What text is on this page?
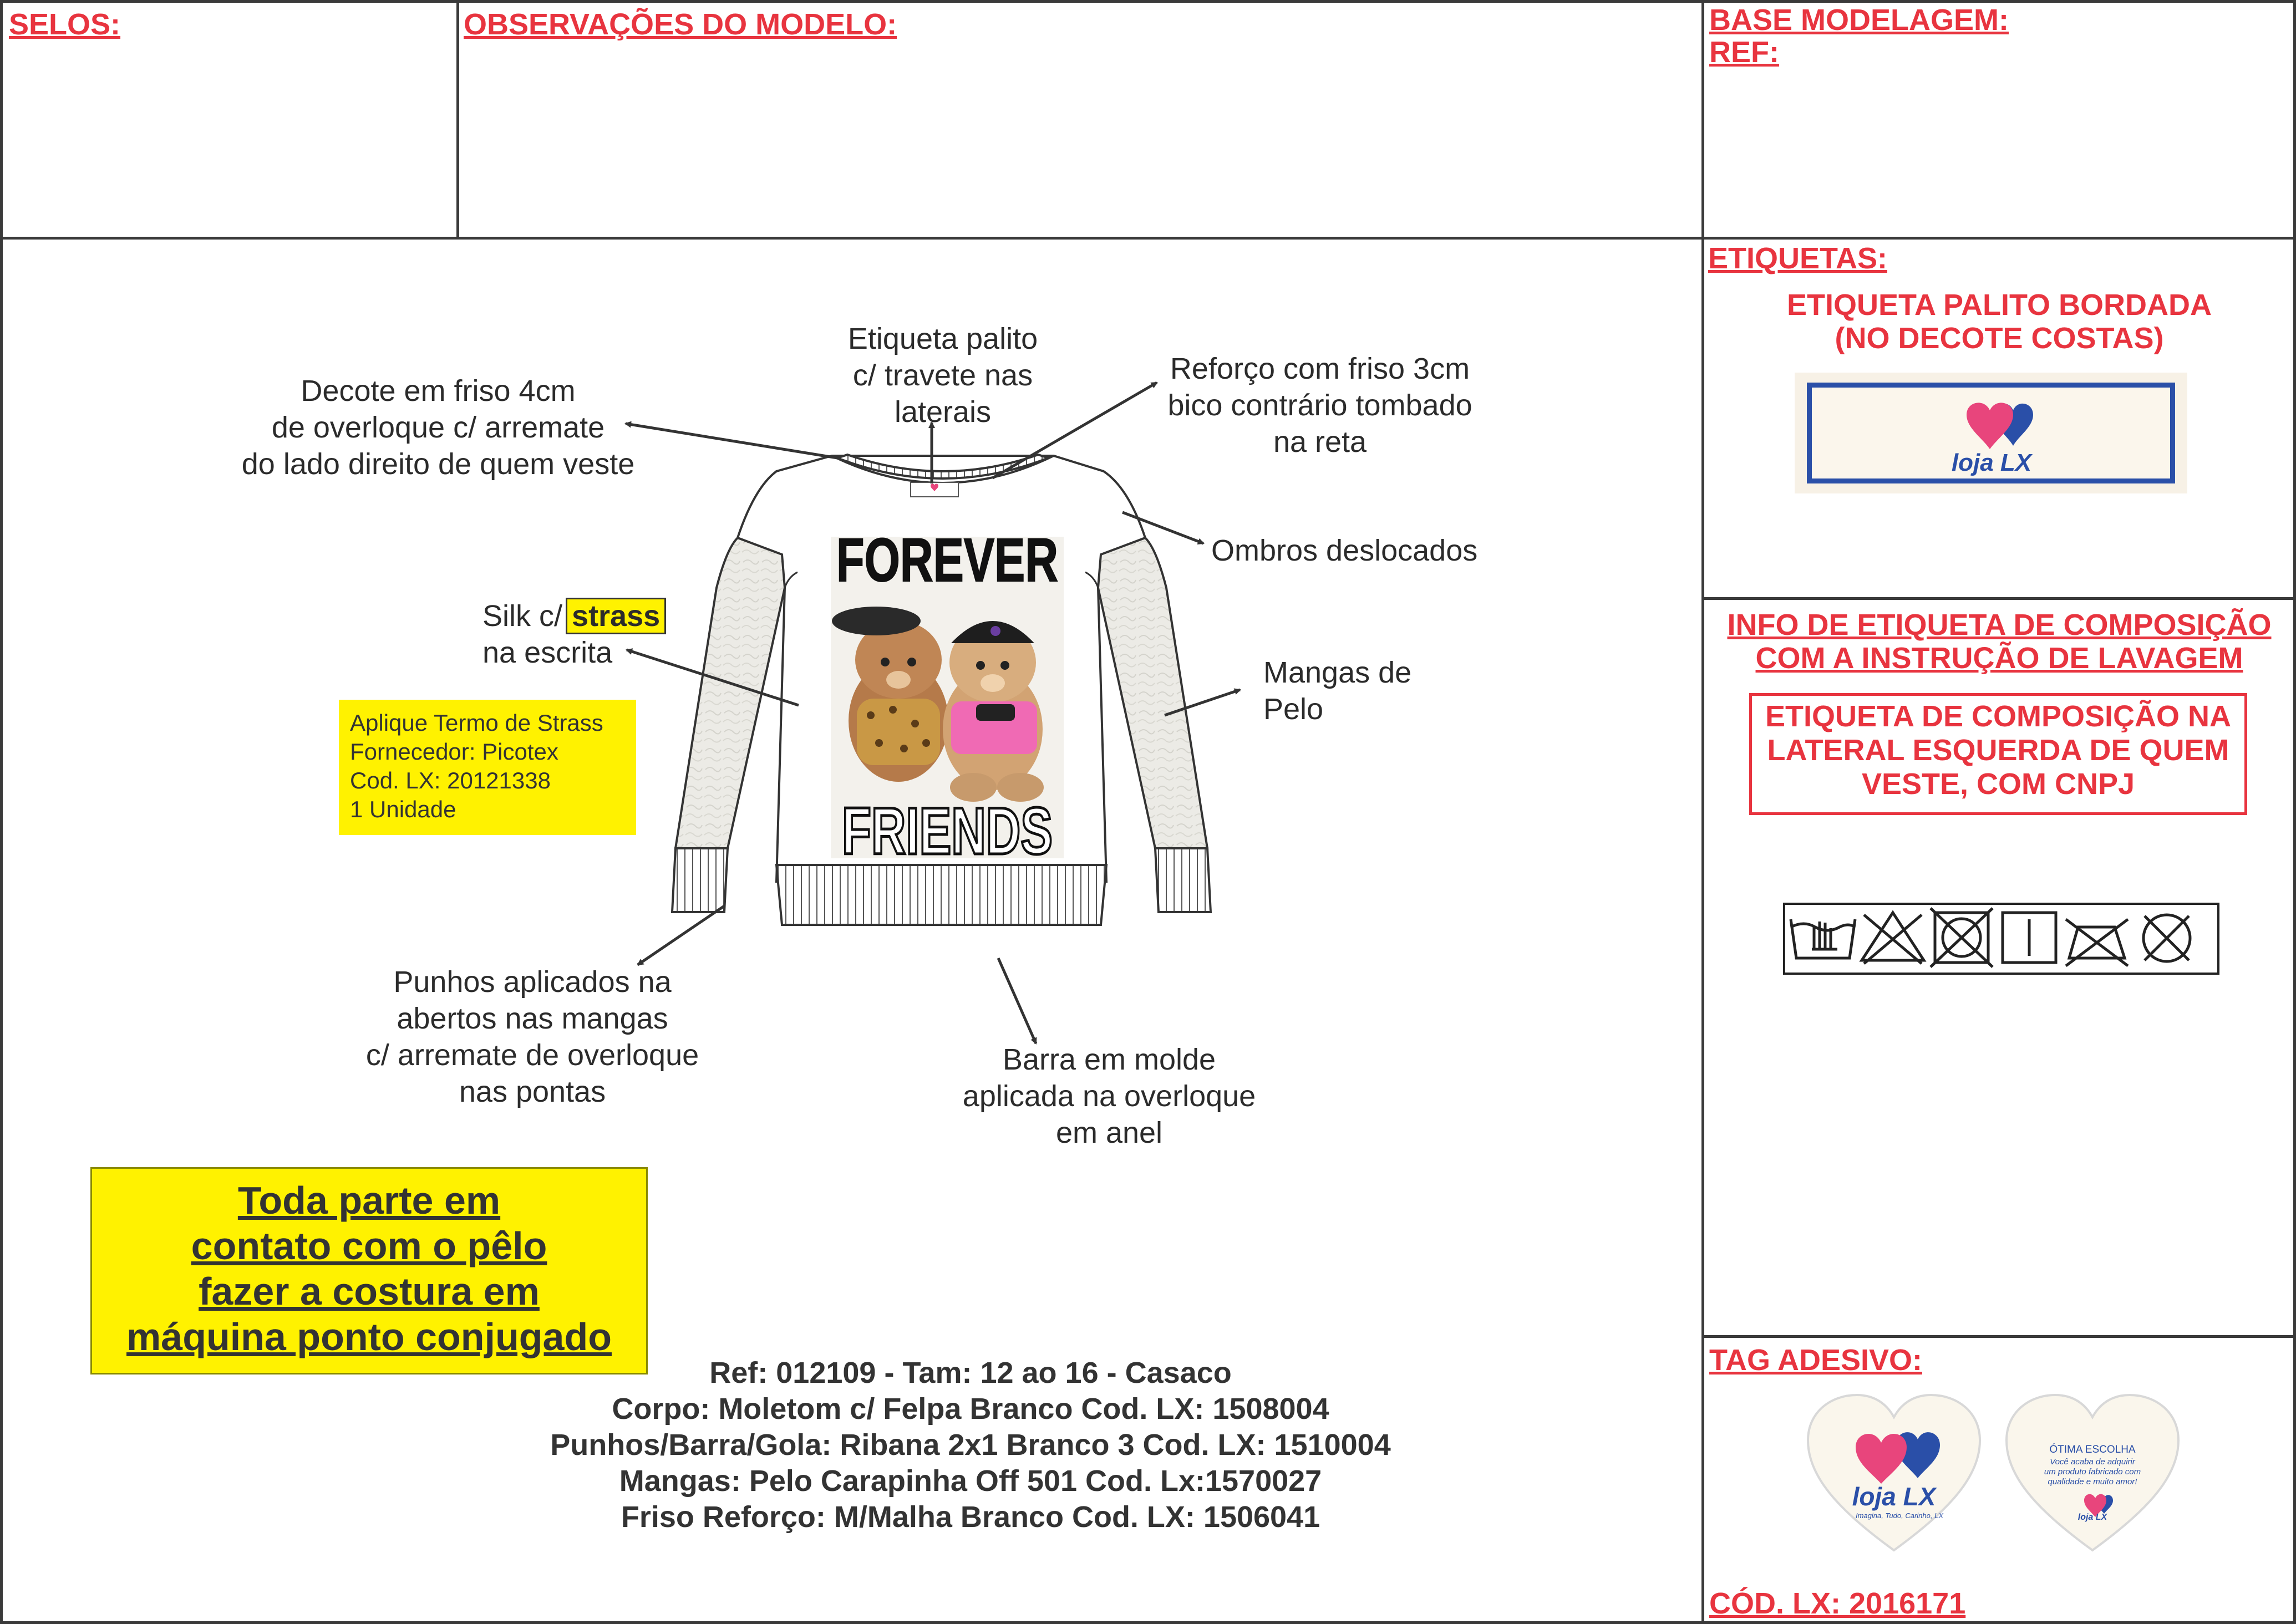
SELOS:	OBSERVAÇÕES DO MODELO:	BASE MODELAGEM:
REF:
ETIQUETAS:
ETIQUETA PALITO BORDADA
(NO DECOTE COSTAS)
loja LX
INFO DE ETIQUETA DE COMPOSIÇÃO
COM A INSTRUÇÃO DE LAVAGEM
ETIQUETA DE COMPOSIÇÃO NA
LATERAL ESQUERDA DE QUEM
VESTE, COM CNPJ
TAG ADESIVO:
loja LX
Imagina, Tudo, Carinho, LX
ÓTIMA ESCOLHA
Você acaba de adquirir
um produto fabricado com
qualidade e muito amor!
loja LX
CÓD. LX: 2016171
FOREVER
FRIENDS
Decote em friso 4cm
de overloque c/ arremate
do lado direito de quem veste
Etiqueta palito
c/ travete nas
laterais
Reforço com friso 3cm
bico contrário tombado
na reta
Ombros deslocados
Silk c/ strass
na escrita
Mangas de
Pelo
Punhos aplicados na
abertos nas mangas
c/ arremate de overloque
nas pontas
Barra em molde
aplicada na overloque
em anel
Aplique Termo de Strass
Fornecedor: Picotex
Cod. LX: 20121338
1 Unidade
Toda parte em
contato com o pêlo
fazer a costura em
máquina ponto conjugado
Ref: 012109 - Tam: 12 ao 16 - Casaco
Corpo: Moletom c/ Felpa Branco Cod. LX: 1508004
Punhos/Barra/Gola: Ribana 2x1 Branco 3 Cod. LX: 1510004
Mangas: Pelo Carapinha Off 501 Cod. Lx:1570027
Friso Reforço: M/Malha Branco Cod. LX: 1506041
